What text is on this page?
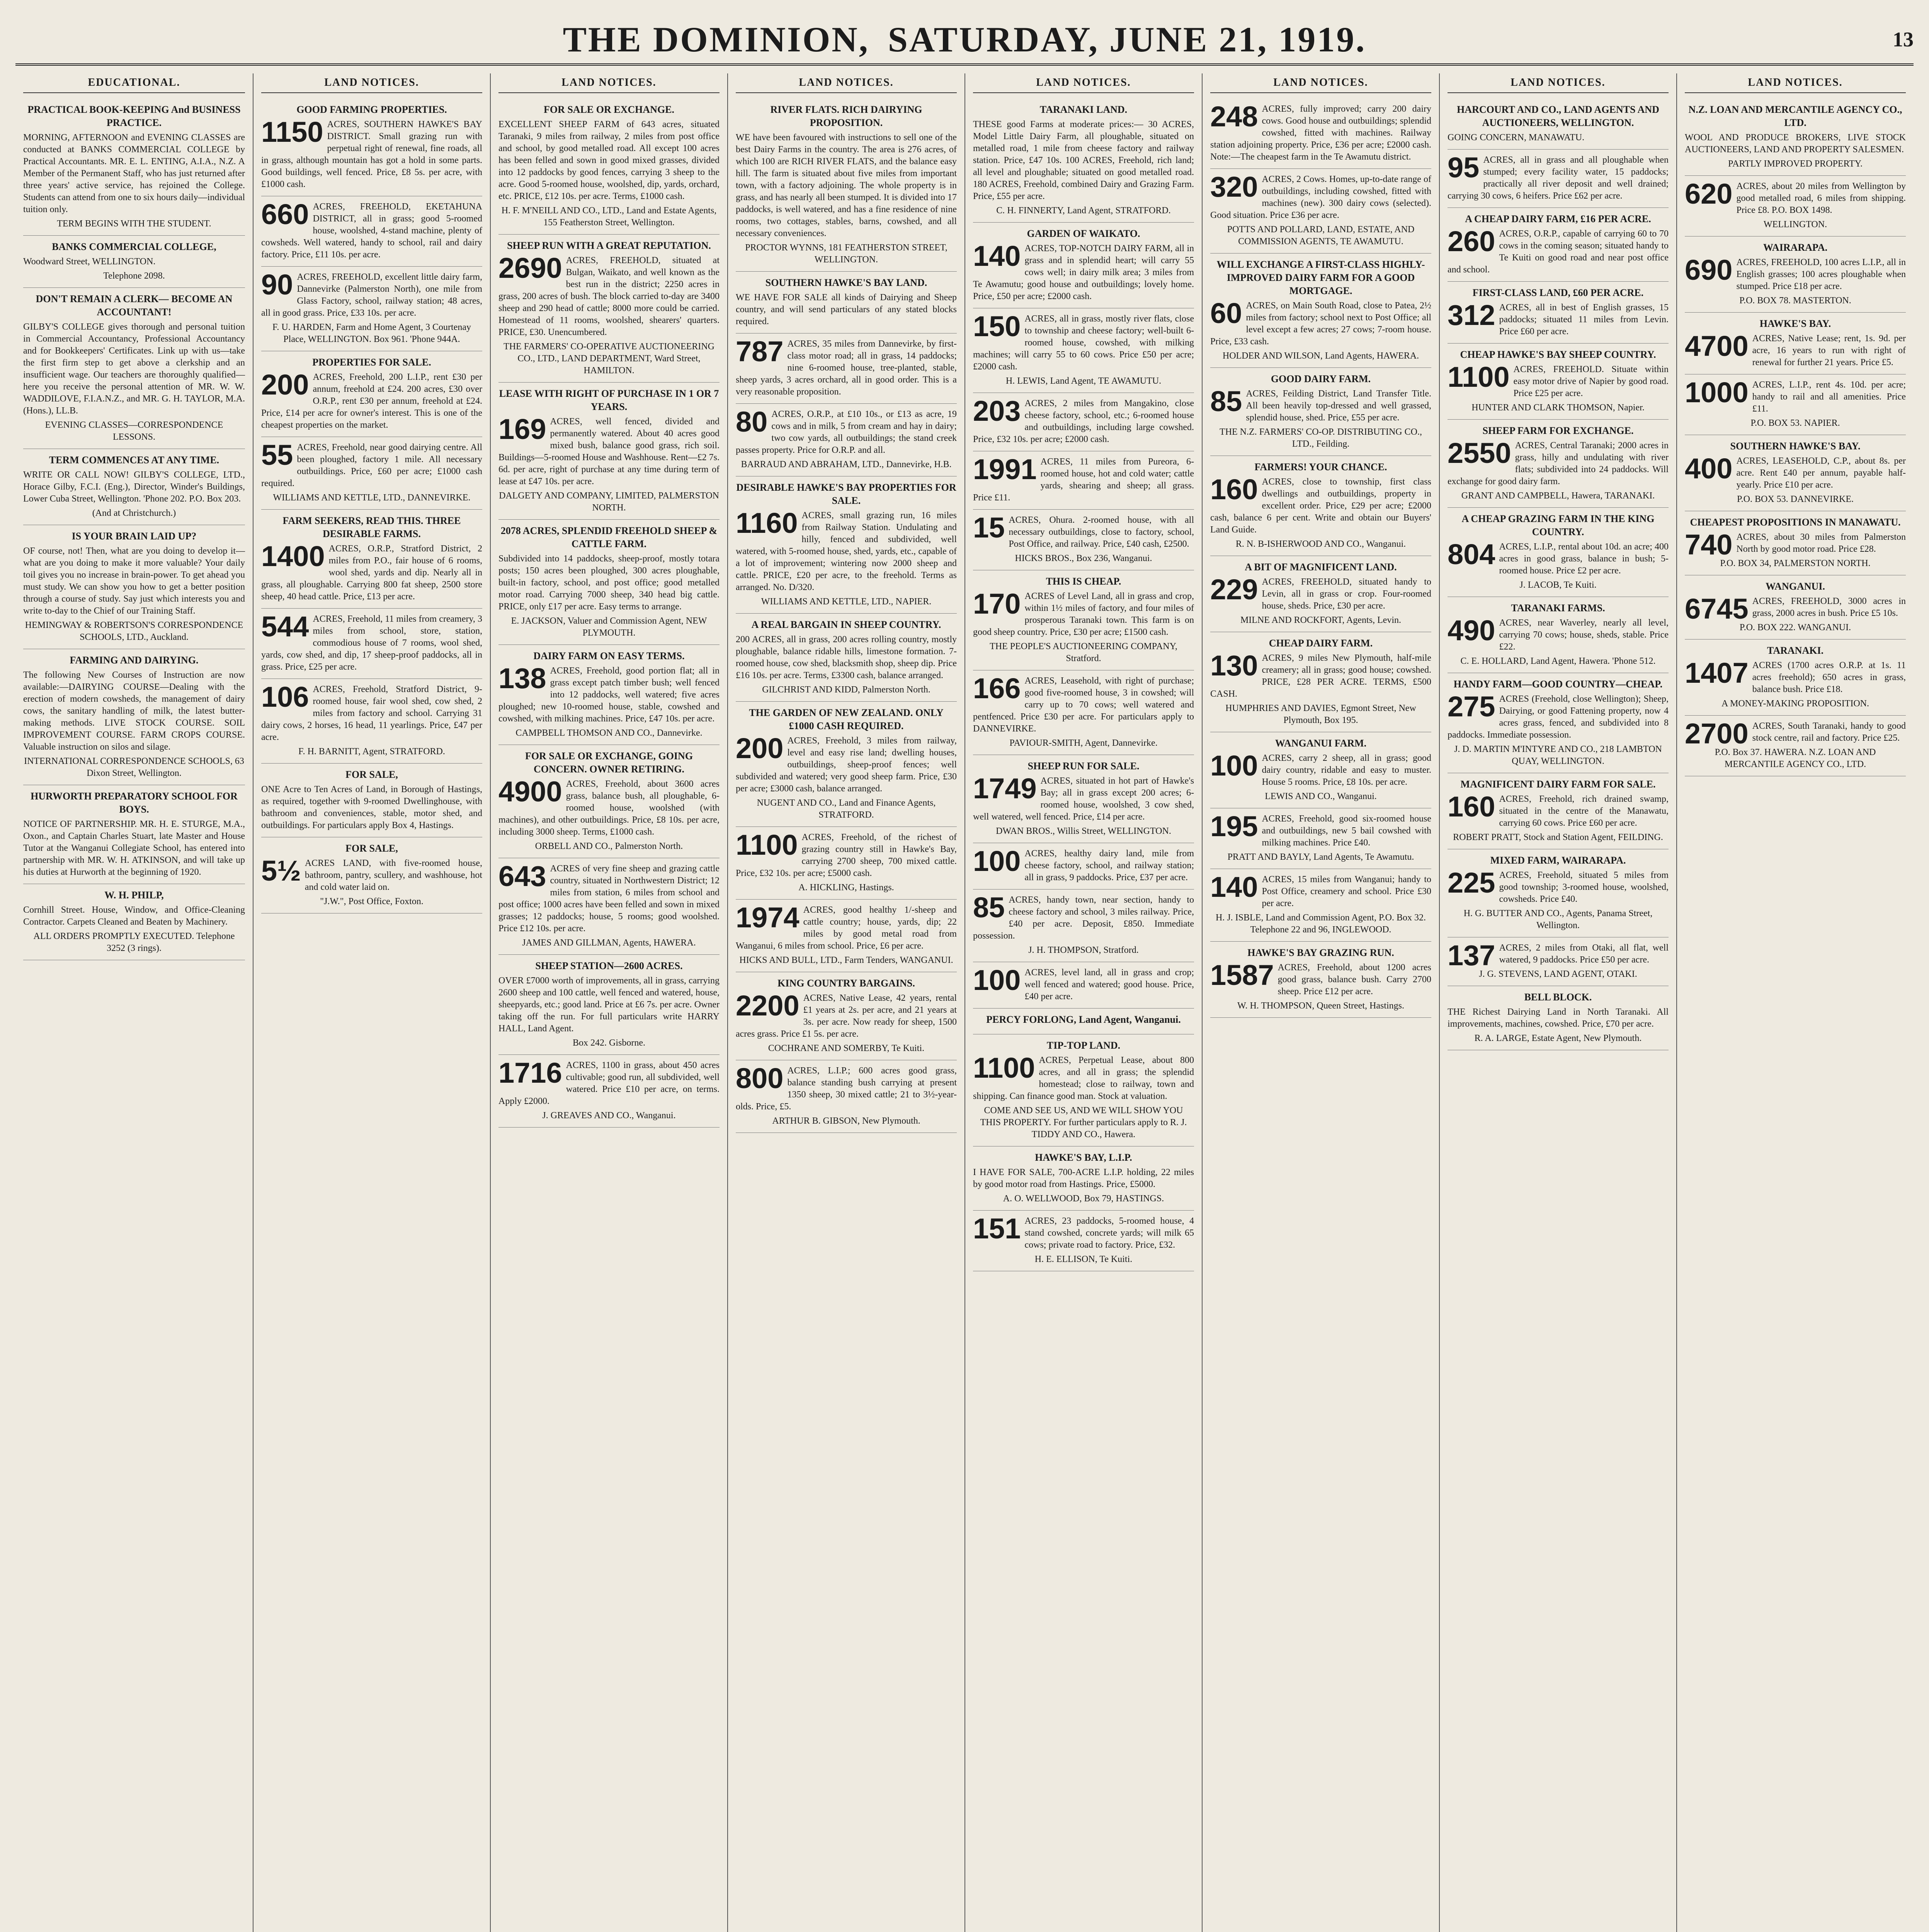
THE DOMINION, SATURDAY, JUNE 21, 1919.	13
EDUCATIONAL.
PRACTICAL BOOK-KEEPING And BUSINESS PRACTICE.
MORNING, AFTERNOON and EVENING CLASSES are conducted at BANKS COMMERCIAL COLLEGE by Practical Accountants. MR. E. L. ENTING, A.I.A., N.Z. A Member of the Permanent Staff, who has just returned after three years' active service, has rejoined the College. Students can attend from one to six hours daily—individual tuition only.
TERM BEGINS WITH THE STUDENT.
BANKS COMMERCIAL COLLEGE,
Woodward Street, WELLINGTON.
Telephone 2098.
DON'T REMAIN A CLERK— BECOME AN ACCOUNTANT!
GILBY'S COLLEGE gives thorough and personal tuition in Commercial Accountancy, Professional Accountancy and for Bookkeepers' Certificates. Link up with us—take the first firm step to get above a clerkship and an insufficient wage. Our teachers are thoroughly qualified—here you receive the personal attention of MR. W. W. WADDILOVE, F.I.A.N.Z., and MR. G. H. TAYLOR, M.A. (Hons.), LL.B.
EVENING CLASSES—CORRESPONDENCE LESSONS.
TERM COMMENCES AT ANY TIME.
WRITE OR CALL NOW! GILBY'S COLLEGE, LTD., Horace Gilby, F.C.I. (Eng.), Director, Winder's Buildings, Lower Cuba Street, Wellington. 'Phone 202. P.O. Box 203.
(And at Christchurch.)
IS YOUR BRAIN LAID UP?
OF course, not! Then, what are you doing to develop it—what are you doing to make it more valuable? Your daily toil gives you no increase in brain-power. To get ahead you must study. We can show you how to get a better position through a course of study. Say just which interests you and write to-day to the Chief of our Training Staff.
HEMINGWAY & ROBERTSON'S CORRESPONDENCE SCHOOLS, LTD., Auckland.
FARMING AND DAIRYING.
The following New Courses of Instruction are now available:—DAIRYING COURSE—Dealing with the erection of modern cowsheds, the management of dairy cows, the sanitary handling of milk, the latest butter-making methods. LIVE STOCK COURSE. SOIL IMPROVEMENT COURSE. FARM CROPS COURSE. Valuable instruction on silos and silage.
INTERNATIONAL CORRESPONDENCE SCHOOLS, 63 Dixon Street, Wellington.
HURWORTH PREPARATORY SCHOOL FOR BOYS.
NOTICE OF PARTNERSHIP. MR. H. E. STURGE, M.A., Oxon., and Captain Charles Stuart, late Master and House Tutor at the Wanganui Collegiate School, has entered into partnership with MR. W. H. ATKINSON, and will take up his duties at Hurworth at the beginning of 1920.
W. H. PHILP,
Cornhill Street. House, Window, and Office-Cleaning Contractor. Carpets Cleaned and Beaten by Machinery.
ALL ORDERS PROMPTLY EXECUTED. Telephone 3252 (3 rings).
LAND NOTICES.
GOOD FARMING PROPERTIES.
1150 ACRES, SOUTHERN HAWKE'S BAY DISTRICT. Small grazing run with perpetual right of renewal, fine roads, all in grass, although mountain has got a hold in some parts. Good buildings, well fenced. Price, £8 5s. per acre, with £1000 cash.
660 ACRES, FREEHOLD, EKETAHUNA DISTRICT, all in grass; good 5-roomed house, woolshed, 4-stand machine, plenty of cowsheds. Well watered, handy to school, rail and dairy factory. Price, £11 10s. per acre.
90 ACRES, FREEHOLD, excellent little dairy farm, Dannevirke (Palmerston North), one mile from Glass Factory, school, railway station; 48 acres, all in good grass. Price, £33 10s. per acre.
F. U. HARDEN, Farm and Home Agent, 3 Courtenay Place, WELLINGTON. Box 961. 'Phone 944A.
PROPERTIES FOR SALE.
200 ACRES, Freehold, 200 L.I.P., rent £30 per annum, freehold at £24. 200 acres, £30 over O.R.P., rent £30 per annum, freehold at £24. Price, £14 per acre for owner's interest. This is one of the cheapest properties on the market.
55 ACRES, Freehold, near good dairying centre. All been ploughed, factory 1 mile. All necessary outbuildings. Price, £60 per acre; £1000 cash required.
WILLIAMS AND KETTLE, LTD., DANNEVIRKE.
FARM SEEKERS, READ THIS. THREE DESIRABLE FARMS.
1400 ACRES, O.R.P., Stratford District, 2 miles from P.O., fair house of 6 rooms, wool shed, yards and dip. Nearly all in grass, all ploughable. Carrying 800 fat sheep, 2500 store sheep, 40 head cattle. Price, £13 per acre.
544 ACRES, Freehold, 11 miles from creamery, 3 miles from school, store, station, commodious house of 7 rooms, wool shed, yards, cow shed, and dip, 17 sheep-proof paddocks, all in grass. Price, £25 per acre.
106 ACRES, Freehold, Stratford District, 9-roomed house, fair wool shed, cow shed, 2 miles from factory and school. Carrying 31 dairy cows, 2 horses, 16 head, 11 yearlings. Price, £47 per acre.
F. H. BARNITT, Agent, STRATFORD.
FOR SALE,
ONE Acre to Ten Acres of Land, in Borough of Hastings, as required, together with 9-roomed Dwellinghouse, with bathroom and conveniences, stable, motor shed, and outbuildings. For particulars apply Box 4, Hastings.
FOR SALE,
5½ ACRES LAND, with five-roomed house, bathroom, pantry, scullery, and washhouse, hot and cold water laid on.
"J.W.", Post Office, Foxton.
LAND NOTICES.
FOR SALE OR EXCHANGE.
EXCELLENT SHEEP FARM of 643 acres, situated Taranaki, 9 miles from railway, 2 miles from post office and school, by good metalled road. All except 100 acres has been felled and sown in good mixed grasses, divided into 12 paddocks by good fences, carrying 3 sheep to the acre. Good 5-roomed house, woolshed, dip, yards, orchard, etc. PRICE, £12 10s. per acre. Terms, £1000 cash.
H. F. M'NEILL AND CO., LTD., Land and Estate Agents, 155 Featherston Street, Wellington.
SHEEP RUN WITH A GREAT REPUTATION.
2690 ACRES, FREEHOLD, situated at Bulgan, Waikato, and well known as the best run in the district; 2250 acres in grass, 200 acres of bush. The block carried to-day are 3400 sheep and 290 head of cattle; 8000 more could be carried. Homestead of 11 rooms, woolshed, shearers' quarters. PRICE, £30. Unencumbered.
THE FARMERS' CO-OPERATIVE AUCTIONEERING CO., LTD., LAND DEPARTMENT, Ward Street, HAMILTON.
LEASE WITH RIGHT OF PURCHASE IN 1 OR 7 YEARS.
169 ACRES, well fenced, divided and permanently watered. About 40 acres good mixed bush, balance good grass, rich soil. Buildings—5-roomed House and Washhouse. Rent—£2 7s. 6d. per acre, right of purchase at any time during term of lease at £47 10s. per acre.
DALGETY AND COMPANY, LIMITED, PALMERSTON NORTH.
2078 ACRES, SPLENDID FREEHOLD SHEEP & CATTLE FARM.
Subdivided into 14 paddocks, sheep-proof, mostly totara posts; 150 acres been ploughed, 300 acres ploughable, built-in factory, school, and post office; good metalled motor road. Carrying 7000 sheep, 340 head big cattle. PRICE, only £17 per acre. Easy terms to arrange.
E. JACKSON, Valuer and Commission Agent, NEW PLYMOUTH.
DAIRY FARM ON EASY TERMS.
138 ACRES, Freehold, good portion flat; all in grass except patch timber bush; well fenced into 12 paddocks, well watered; five acres ploughed; new 10-roomed house, stable, cowshed and cowshed, with milking machines. Price, £47 10s. per acre.
CAMPBELL THOMSON AND CO., Dannevirke.
FOR SALE OR EXCHANGE, GOING CONCERN. OWNER RETIRING.
4900 ACRES, Freehold, about 3600 acres grass, balance bush, all ploughable, 6-roomed house, woolshed (with machines), and other outbuildings. Price, £8 10s. per acre, including 3000 sheep. Terms, £1000 cash.
ORBELL AND CO., Palmerston North.
643 ACRES of very fine sheep and grazing cattle country, situated in Northwestern District; 12 miles from station, 6 miles from school and post office; 1000 acres have been felled and sown in mixed grasses; 12 paddocks; house, 5 rooms; good woolshed. Price £12 10s. per acre.
JAMES AND GILLMAN, Agents, HAWERA.
SHEEP STATION—2600 ACRES.
OVER £7000 worth of improvements, all in grass, carrying 2600 sheep and 100 cattle, well fenced and watered, house, sheepyards, etc.; good land. Price at £6 7s. per acre. Owner taking off the run. For full particulars write HARRY HALL, Land Agent.
Box 242. Gisborne.
1716 ACRES, 1100 in grass, about 450 acres cultivable; good run, all subdivided, well watered. Price £10 per acre, on terms. Apply £2000.
J. GREAVES AND CO., Wanganui.
LAND NOTICES.
RIVER FLATS. RICH DAIRYING PROPOSITION.
WE have been favoured with instructions to sell one of the best Dairy Farms in the country. The area is 276 acres, of which 100 are RICH RIVER FLATS, and the balance easy hill. The farm is situated about five miles from important town, with a factory adjoining. The whole property is in grass, and has nearly all been stumped. It is divided into 17 paddocks, is well watered, and has a fine residence of nine rooms, two cottages, stables, barns, cowshed, and all necessary conveniences.
PROCTOR WYNNS, 181 FEATHERSTON STREET, WELLINGTON.
SOUTHERN HAWKE'S BAY LAND.
WE HAVE FOR SALE all kinds of Dairying and Sheep country, and will send particulars of any stated blocks required.
787 ACRES, 35 miles from Dannevirke, by first-class motor road; all in grass, 14 paddocks; nine 6-roomed house, tree-planted, stable, sheep yards, 3 acres orchard, all in good order. This is a very reasonable proposition.
80 ACRES, O.R.P., at £10 10s., or £13 as acre, 19 cows and in milk, 5 from cream and hay in dairy; two cow yards, all outbuildings; the stand creek passes property. Price for O.R.P. and all.
BARRAUD AND ABRAHAM, LTD., Dannevirke, H.B.
DESIRABLE HAWKE'S BAY PROPERTIES FOR SALE.
1160 ACRES, small grazing run, 16 miles from Railway Station. Undulating and hilly, fenced and subdivided, well watered, with 5-roomed house, shed, yards, etc., capable of a lot of improvement; wintering now 2000 sheep and cattle. PRICE, £20 per acre, to the freehold. Terms as arranged. No. D/320.
WILLIAMS AND KETTLE, LTD., NAPIER.
A REAL BARGAIN IN SHEEP COUNTRY.
200 ACRES, all in grass, 200 acres rolling country, mostly ploughable, balance ridable hills, limestone formation. 7-roomed house, cow shed, blacksmith shop, sheep dip. Price £16 10s. per acre. Terms, £3300 cash, balance arranged.
GILCHRIST AND KIDD, Palmerston North.
THE GARDEN OF NEW ZEALAND. ONLY £1000 CASH REQUIRED.
200 ACRES, Freehold, 3 miles from railway, level and easy rise land; dwelling houses, outbuildings, sheep-proof fences; well subdivided and watered; very good sheep farm. Price, £30 per acre; £3000 cash, balance arranged.
NUGENT AND CO., Land and Finance Agents, STRATFORD.
1100 ACRES, Freehold, of the richest of grazing country still in Hawke's Bay, carrying 2700 sheep, 700 mixed cattle. Price, £32 10s. per acre; £5000 cash.
A. HICKLING, Hastings.
1974 ACRES, good healthy 1/-sheep and cattle country; house, yards, dip; 22 miles by good metal road from Wanganui, 6 miles from school. Price, £6 per acre.
HICKS AND BULL, LTD., Farm Tenders, WANGANUI.
KING COUNTRY BARGAINS.
2200 ACRES, Native Lease, 42 years, rental £1 years at 2s. per acre, and 21 years at 3s. per acre. Now ready for sheep, 1500 acres grass. Price £1 5s. per acre.
COCHRANE AND SOMERBY, Te Kuiti.
800 ACRES, L.I.P.; 600 acres good grass, balance standing bush carrying at present 1350 sheep, 30 mixed cattle; 21 to 3½-year-olds. Price, £5.
ARTHUR B. GIBSON, New Plymouth.
LAND NOTICES.
TARANAKI LAND.
THESE good Farms at moderate prices:— 30 ACRES, Model Little Dairy Farm, all ploughable, situated on metalled road, 1 mile from cheese factory and railway station. Price, £47 10s. 100 ACRES, Freehold, rich land; all level and ploughable; situated on good metalled road. 180 ACRES, Freehold, combined Dairy and Grazing Farm. Price, £55 per acre.
C. H. FINNERTY, Land Agent, STRATFORD.
GARDEN OF WAIKATO.
140 ACRES, TOP-NOTCH DAIRY FARM, all in grass and in splendid heart; will carry 55 cows well; in dairy milk area; 3 miles from Te Awamutu; good house and outbuildings; lovely home. Price, £50 per acre; £2000 cash.
150 ACRES, all in grass, mostly river flats, close to township and cheese factory; well-built 6-roomed house, cowshed, with milking machines; will carry 55 to 60 cows. Price £50 per acre; £2000 cash.
H. LEWIS, Land Agent, TE AWAMUTU.
203 ACRES, 2 miles from Mangakino, close cheese factory, school, etc.; 6-roomed house and outbuildings, including large cowshed. Price, £32 10s. per acre; £2000 cash.
1991 ACRES, 11 miles from Pureora, 6-roomed house, hot and cold water; cattle yards, shearing and sheep; all grass. Price £11.
15 ACRES, Ohura. 2-roomed house, with all necessary outbuildings, close to factory, school, Post Office, and railway. Price, £40 cash, £2500.
HICKS BROS., Box 236, Wanganui.
THIS IS CHEAP.
170 ACRES of Level Land, all in grass and crop, within 1½ miles of factory, and four miles of prosperous Taranaki town. This farm is on good sheep country. Price, £30 per acre; £1500 cash.
THE PEOPLE'S AUCTIONEERING COMPANY, Stratford.
166 ACRES, Leasehold, with right of purchase; good five-roomed house, 3 in cowshed; will carry up to 70 cows; well watered and pentfenced. Price £30 per acre. For particulars apply to DANNEVIRKE.
PAVIOUR-SMITH, Agent, Dannevirke.
SHEEP RUN FOR SALE.
1749 ACRES, situated in hot part of Hawke's Bay; all in grass except 200 acres; 6-roomed house, woolshed, 3 cow shed, well watered, well fenced. Price, £14 per acre.
DWAN BROS., Willis Street, WELLINGTON.
100 ACRES, healthy dairy land, mile from cheese factory, school, and railway station; all in grass, 9 paddocks. Price, £37 per acre.
85 ACRES, handy town, near section, handy to cheese factory and school, 3 miles railway. Price, £40 per acre. Deposit, £850. Immediate possession.
J. H. THOMPSON, Stratford.
100 ACRES, level land, all in grass and crop; well fenced and watered; good house. Price, £40 per acre.
PERCY FORLONG, Land Agent, Wanganui.
TIP-TOP LAND.
1100 ACRES, Perpetual Lease, about 800 acres, and all in grass; the splendid homestead; close to railway, town and shipping. Can finance good man. Stock at valuation.
COME AND SEE US, AND WE WILL SHOW YOU THIS PROPERTY. For further particulars apply to R. J. TIDDY AND CO., Hawera.
HAWKE'S BAY, L.I.P.
I HAVE FOR SALE, 700-ACRE L.I.P. holding, 22 miles by good motor road from Hastings. Price, £5000.
A. O. WELLWOOD, Box 79, HASTINGS.
151 ACRES, 23 paddocks, 5-roomed house, 4 stand cowshed, concrete yards; will milk 65 cows; private road to factory. Price, £32.
H. E. ELLISON, Te Kuiti.
LAND NOTICES.
248 ACRES, fully improved; carry 200 dairy cows. Good house and outbuildings; splendid cowshed, fitted with machines. Railway station adjoining property. Price, £36 per acre; £2000 cash. Note:—The cheapest farm in the Te Awamutu district.
320 ACRES, 2 Cows. Homes, up-to-date range of outbuildings, including cowshed, fitted with machines (new). 300 dairy cows (selected). Good situation. Price £36 per acre.
POTTS AND POLLARD, LAND, ESTATE, AND COMMISSION AGENTS, TE AWAMUTU.
WILL EXCHANGE A FIRST-CLASS HIGHLY-IMPROVED DAIRY FARM FOR A GOOD MORTGAGE.
60 ACRES, on Main South Road, close to Patea, 2½ miles from factory; school next to Post Office; all level except a few acres; 27 cows; 7-room house. Price, £33 cash.
HOLDER AND WILSON, Land Agents, HAWERA.
GOOD DAIRY FARM.
85 ACRES, Feilding District, Land Transfer Title. All been heavily top-dressed and well grassed, splendid house, shed. Price, £55 per acre.
THE N.Z. FARMERS' CO-OP. DISTRIBUTING CO., LTD., Feilding.
FARMERS! YOUR CHANCE.
160 ACRES, close to township, first class dwellings and outbuildings, property in excellent order. Price, £29 per acre; £2000 cash, balance 6 per cent. Write and obtain our Buyers' Land Guide.
R. N. B-ISHERWOOD AND CO., Wanganui.
A BIT OF MAGNIFICENT LAND.
229 ACRES, FREEHOLD, situated handy to Levin, all in grass or crop. Four-roomed house, sheds. Price, £30 per acre.
MILNE AND ROCKFORT, Agents, Levin.
CHEAP DAIRY FARM.
130 ACRES, 9 miles New Plymouth, half-mile creamery; all in grass; good house; cowshed. PRICE, £28 PER ACRE. TERMS, £500 CASH.
HUMPHRIES AND DAVIES, Egmont Street, New Plymouth, Box 195.
WANGANUI FARM.
100 ACRES, carry 2 sheep, all in grass; good dairy country, ridable and easy to muster. House 5 rooms. Price, £8 10s. per acre.
LEWIS AND CO., Wanganui.
195 ACRES, Freehold, good six-roomed house and outbuildings, new 5 bail cowshed with milking machines. Price £40.
PRATT AND BAYLY, Land Agents, Te Awamutu.
140 ACRES, 15 miles from Wanganui; handy to Post Office, creamery and school. Price £30 per acre.
H. J. ISBLE, Land and Commission Agent, P.O. Box 32. Telephone 22 and 96, INGLEWOOD.
HAWKE'S BAY GRAZING RUN.
1587 ACRES, Freehold, about 1200 acres good grass, balance bush. Carry 2700 sheep. Price £12 per acre.
W. H. THOMPSON, Queen Street, Hastings.
LAND NOTICES.
HARCOURT AND CO., LAND AGENTS AND AUCTIONEERS, WELLINGTON.
GOING CONCERN, MANAWATU.
95 ACRES, all in grass and all ploughable when stumped; every facility water, 15 paddocks; practically all river deposit and well drained; carrying 30 cows, 6 heifers. Price £62 per acre.
A CHEAP DAIRY FARM, £16 PER ACRE.
260 ACRES, O.R.P., capable of carrying 60 to 70 cows in the coming season; situated handy to Te Kuiti on good road and near post office and school.
FIRST-CLASS LAND, £60 PER ACRE.
312 ACRES, all in best of English grasses, 15 paddocks; situated 11 miles from Levin. Price £60 per acre.
CHEAP HAWKE'S BAY SHEEP COUNTRY.
1100 ACRES, FREEHOLD. Situate within easy motor drive of Napier by good road. Price £25 per acre.
HUNTER AND CLARK THOMSON, Napier.
SHEEP FARM FOR EXCHANGE.
2550 ACRES, Central Taranaki; 2000 acres in grass, hilly and undulating with river flats; subdivided into 24 paddocks. Will exchange for good dairy farm.
GRANT AND CAMPBELL, Hawera, TARANAKI.
A CHEAP GRAZING FARM IN THE KING COUNTRY.
804 ACRES, L.I.P., rental about 10d. an acre; 400 acres in good grass, balance in bush; 5-roomed house. Price £2 per acre.
J. LACOB, Te Kuiti.
TARANAKI FARMS.
490 ACRES, near Waverley, nearly all level, carrying 70 cows; house, sheds, stable. Price £22.
C. E. HOLLARD, Land Agent, Hawera. 'Phone 512.
HANDY FARM—GOOD COUNTRY—CHEAP.
275 ACRES (Freehold, close Wellington); Sheep, Dairying, or good Fattening property, now 4 acres grass, fenced, and subdivided into 8 paddocks. Immediate possession.
J. D. MARTIN M'INTYRE AND CO., 218 LAMBTON QUAY, WELLINGTON.
MAGNIFICENT DAIRY FARM FOR SALE.
160 ACRES, Freehold, rich drained swamp, situated in the centre of the Manawatu, carrying 60 cows. Price £60 per acre.
ROBERT PRATT, Stock and Station Agent, FEILDING.
MIXED FARM, WAIRARAPA.
225 ACRES, Freehold, situated 5 miles from good township; 3-roomed house, woolshed, cowsheds. Price £40.
H. G. BUTTER AND CO., Agents, Panama Street, Wellington.
137 ACRES, 2 miles from Otaki, all flat, well watered, 9 paddocks. Price £50 per acre.
J. G. STEVENS, LAND AGENT, OTAKI.
BELL BLOCK.
THE Richest Dairying Land in North Taranaki. All improvements, machines, cowshed. Price, £70 per acre.
R. A. LARGE, Estate Agent, New Plymouth.
LAND NOTICES.
N.Z. LOAN AND MERCANTILE AGENCY CO., LTD.
WOOL AND PRODUCE BROKERS, LIVE STOCK AUCTIONEERS, LAND AND PROPERTY SALESMEN.
PARTLY IMPROVED PROPERTY.
620 ACRES, about 20 miles from Wellington by good metalled road, 6 miles from shipping. Price £8. P.O. BOX 1498.
WELLINGTON.
WAIRARAPA.
690 ACRES, FREEHOLD, 100 acres L.I.P., all in English grasses; 100 acres ploughable when stumped. Price £18 per acre.
P.O. BOX 78. MASTERTON.
HAWKE'S BAY.
4700 ACRES, Native Lease; rent, 1s. 9d. per acre, 16 years to run with right of renewal for further 21 years. Price £5.
1000 ACRES, L.I.P., rent 4s. 10d. per acre; handy to rail and all amenities. Price £11.
P.O. BOX 53. NAPIER.
SOUTHERN HAWKE'S BAY.
400 ACRES, LEASEHOLD, C.P., about 8s. per acre. Rent £40 per annum, payable half-yearly. Price £10 per acre.
P.O. BOX 53. DANNEVIRKE.
CHEAPEST PROPOSITIONS IN MANAWATU.
740 ACRES, about 30 miles from Palmerston North by good motor road. Price £28.
P.O. BOX 34, PALMERSTON NORTH.
WANGANUI.
6745 ACRES, FREEHOLD, 3000 acres in grass, 2000 acres in bush. Price £5 10s.
P.O. BOX 222. WANGANUI.
TARANAKI.
1407 ACRES (1700 acres O.R.P. at 1s. 11 acres freehold); 650 acres in grass, balance bush. Price £18.
A MONEY-MAKING PROPOSITION.
2700 ACRES, South Taranaki, handy to good stock centre, rail and factory. Price £25.
P.O. Box 37. HAWERA. N.Z. LOAN AND MERCANTILE AGENCY CO., LTD.
